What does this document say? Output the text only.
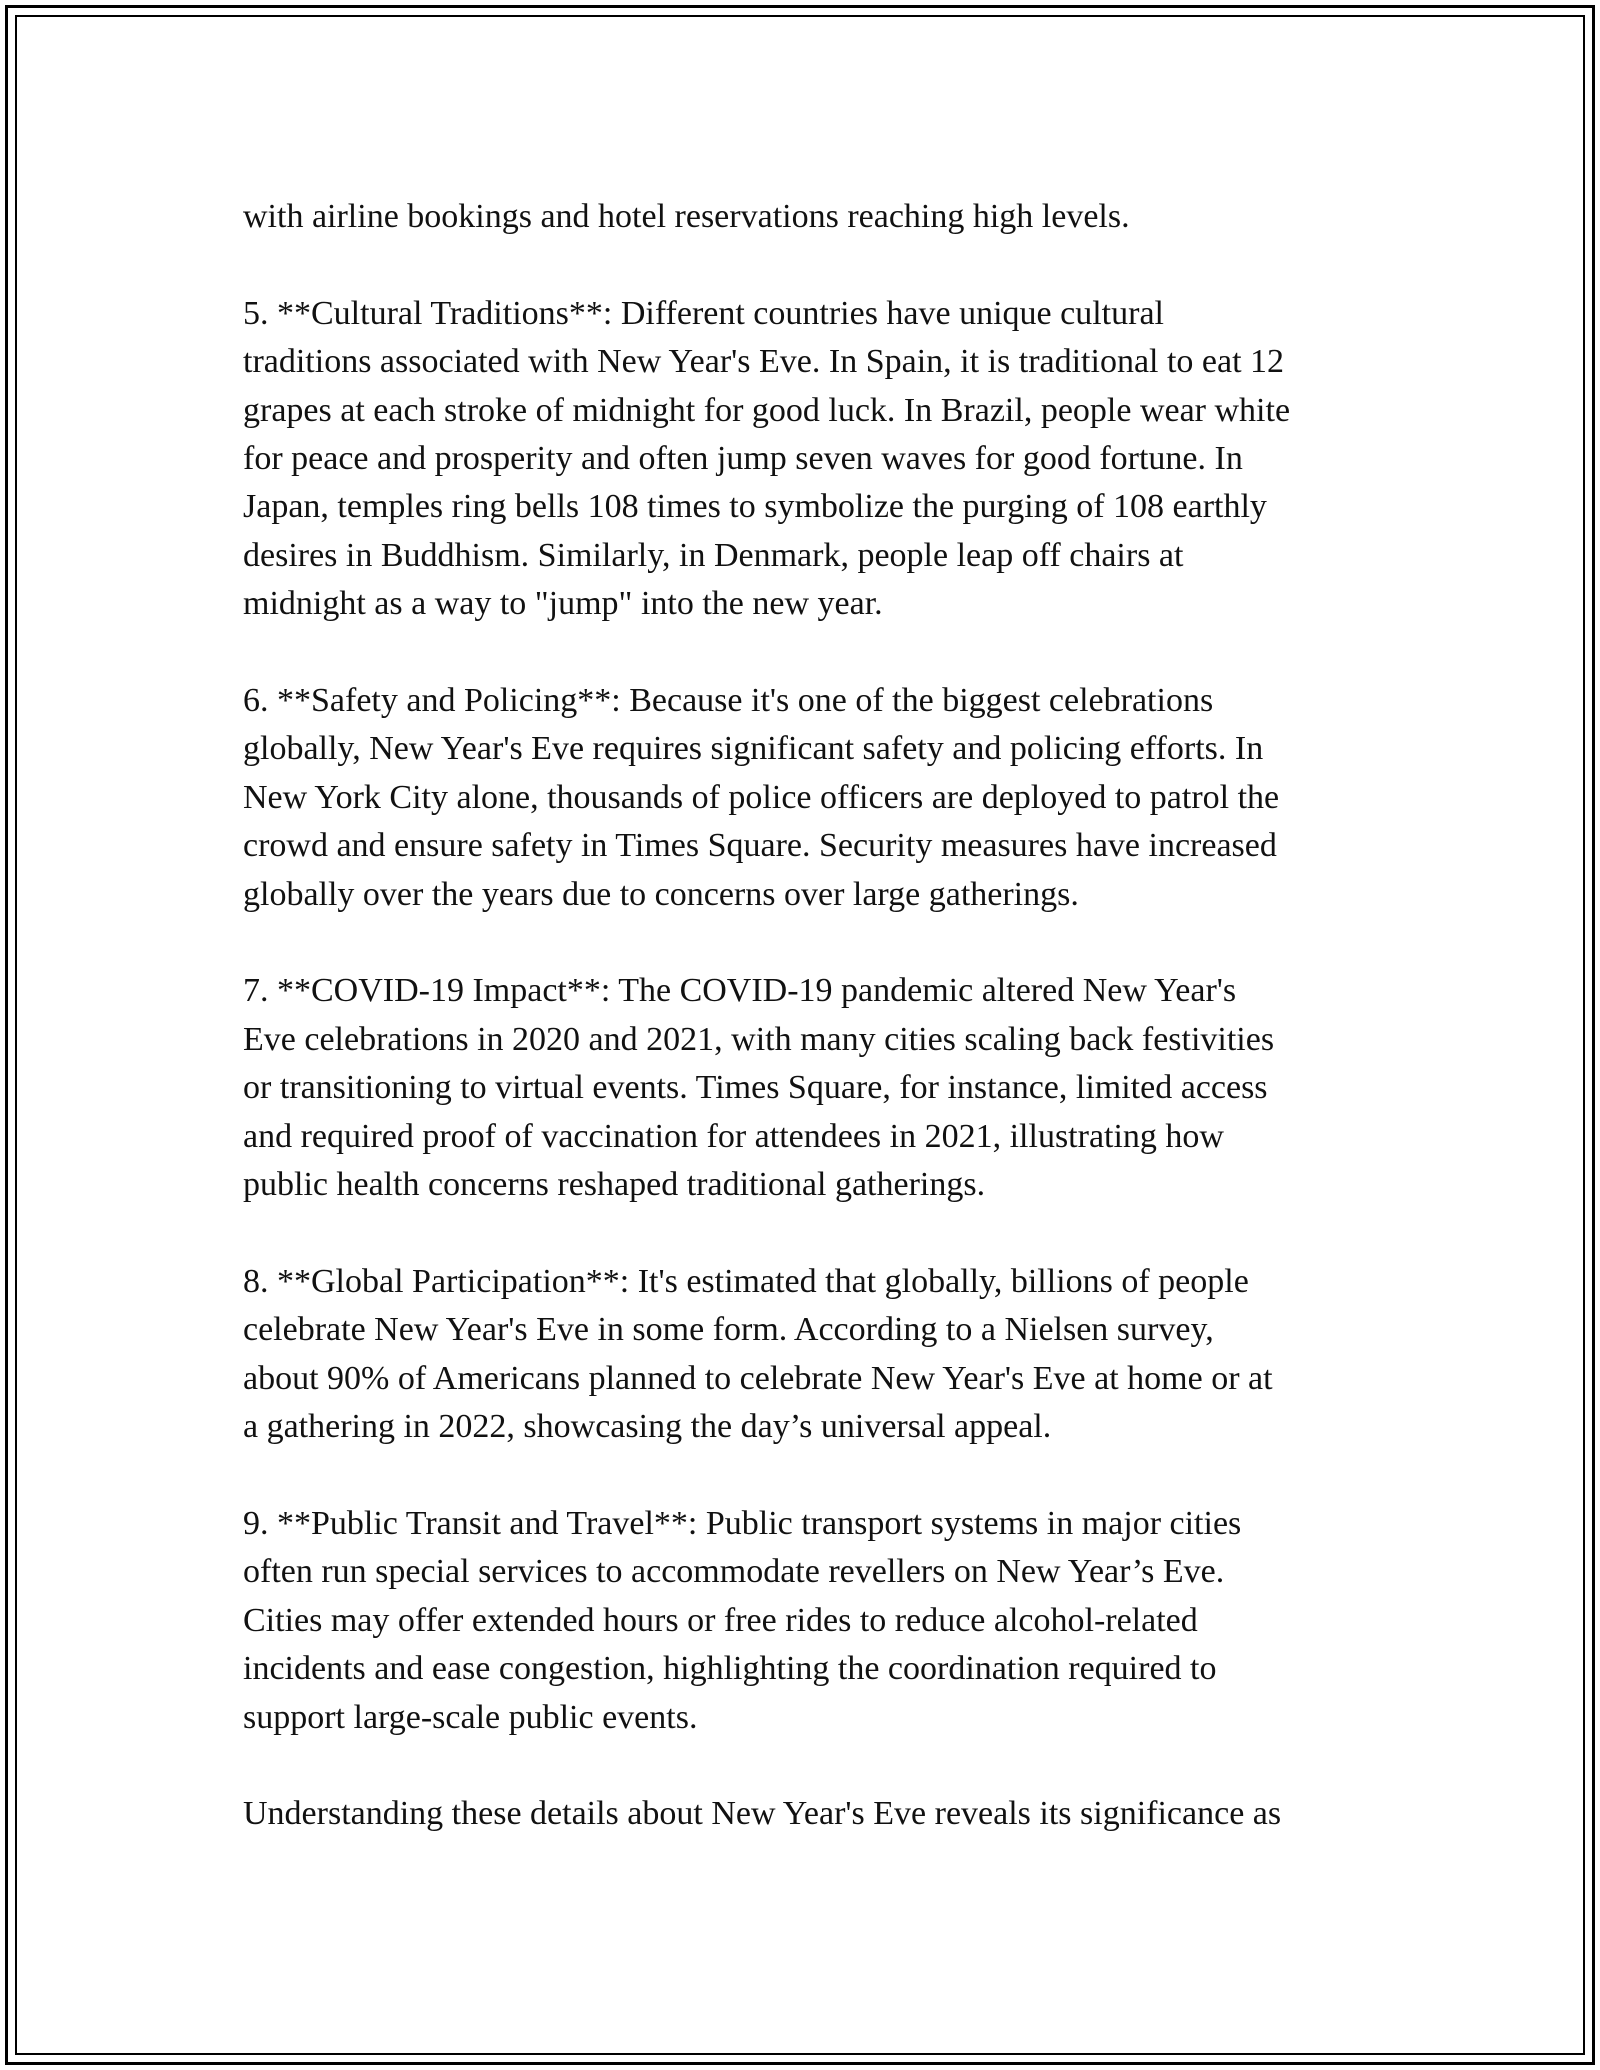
with airline bookings and hotel reservations reaching high levels.

5. **Cultural Traditions**: Different countries have unique cultural
traditions associated with New Year's Eve. In Spain, it is traditional to eat 12
grapes at each stroke of midnight for good luck. In Brazil, people wear white
for peace and prosperity and often jump seven waves for good fortune. In
Japan, temples ring bells 108 times to symbolize the purging of 108 earthly
desires in Buddhism. Similarly, in Denmark, people leap off chairs at
midnight as a way to "jump" into the new year.

6. **Safety and Policing**: Because it's one of the biggest celebrations
globally, New Year's Eve requires significant safety and policing efforts. In
New York City alone, thousands of police officers are deployed to patrol the
crowd and ensure safety in Times Square. Security measures have increased
globally over the years due to concerns over large gatherings.

7. **COVID-19 Impact**: The COVID-19 pandemic altered New Year's
Eve celebrations in 2020 and 2021, with many cities scaling back festivities
or transitioning to virtual events. Times Square, for instance, limited access
and required proof of vaccination for attendees in 2021, illustrating how
public health concerns reshaped traditional gatherings.

8. **Global Participation**: It's estimated that globally, billions of people
celebrate New Year's Eve in some form. According to a Nielsen survey,
about 90% of Americans planned to celebrate New Year's Eve at home or at
a gathering in 2022, showcasing the day’s universal appeal.

9. **Public Transit and Travel**: Public transport systems in major cities
often run special services to accommodate revellers on New Year’s Eve.
Cities may offer extended hours or free rides to reduce alcohol-related
incidents and ease congestion, highlighting the coordination required to
support large-scale public events.

Understanding these details about New Year's Eve reveals its significance as
